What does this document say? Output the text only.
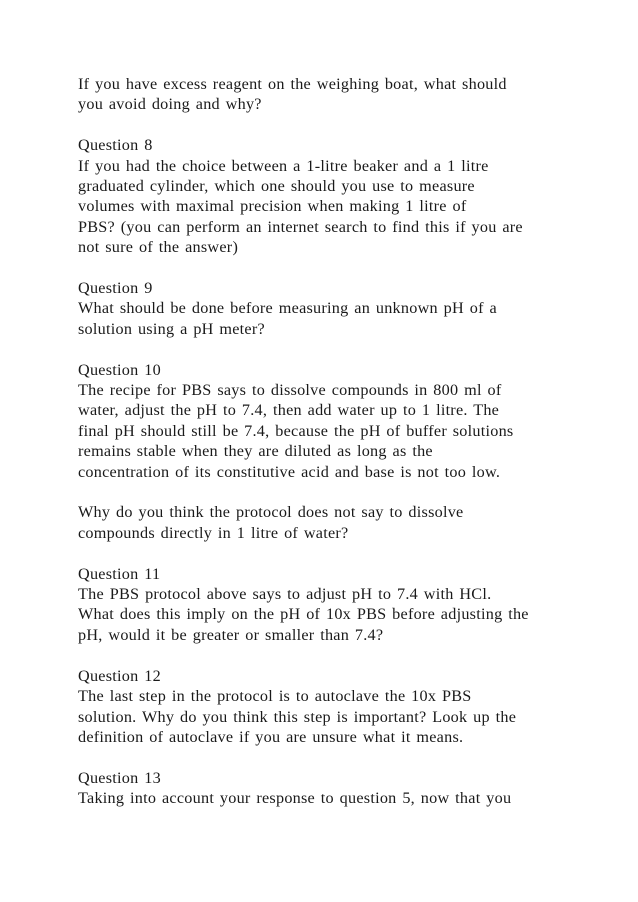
If you have excess reagent on the weighing boat, what should
you avoid doing and why?
Question 8
If you had the choice between a 1-litre beaker and a 1 litre
graduated cylinder, which one should you use to measure
volumes with maximal precision when making 1 litre of
PBS? (you can perform an internet search to find this if you are
not sure of the answer)
Question 9
What should be done before measuring an unknown pH of a
solution using a pH meter?
Question 10
The recipe for PBS says to dissolve compounds in 800 ml of
water, adjust the pH to 7.4, then add water up to 1 litre. The
final pH should still be 7.4, because the pH of buffer solutions
remains stable when they are diluted as long as the
concentration of its constitutive acid and base is not too low.
Why do you think the protocol does not say to dissolve
compounds directly in 1 litre of water?
Question 11
The PBS protocol above says to adjust pH to 7.4 with HCl.
What does this imply on the pH of 10x PBS before adjusting the
pH, would it be greater or smaller than 7.4?
Question 12
The last step in the protocol is to autoclave the 10x PBS
solution. Why do you think this step is important? Look up the
definition of autoclave if you are unsure what it means.
Question 13
Taking into account your response to question 5, now that you
